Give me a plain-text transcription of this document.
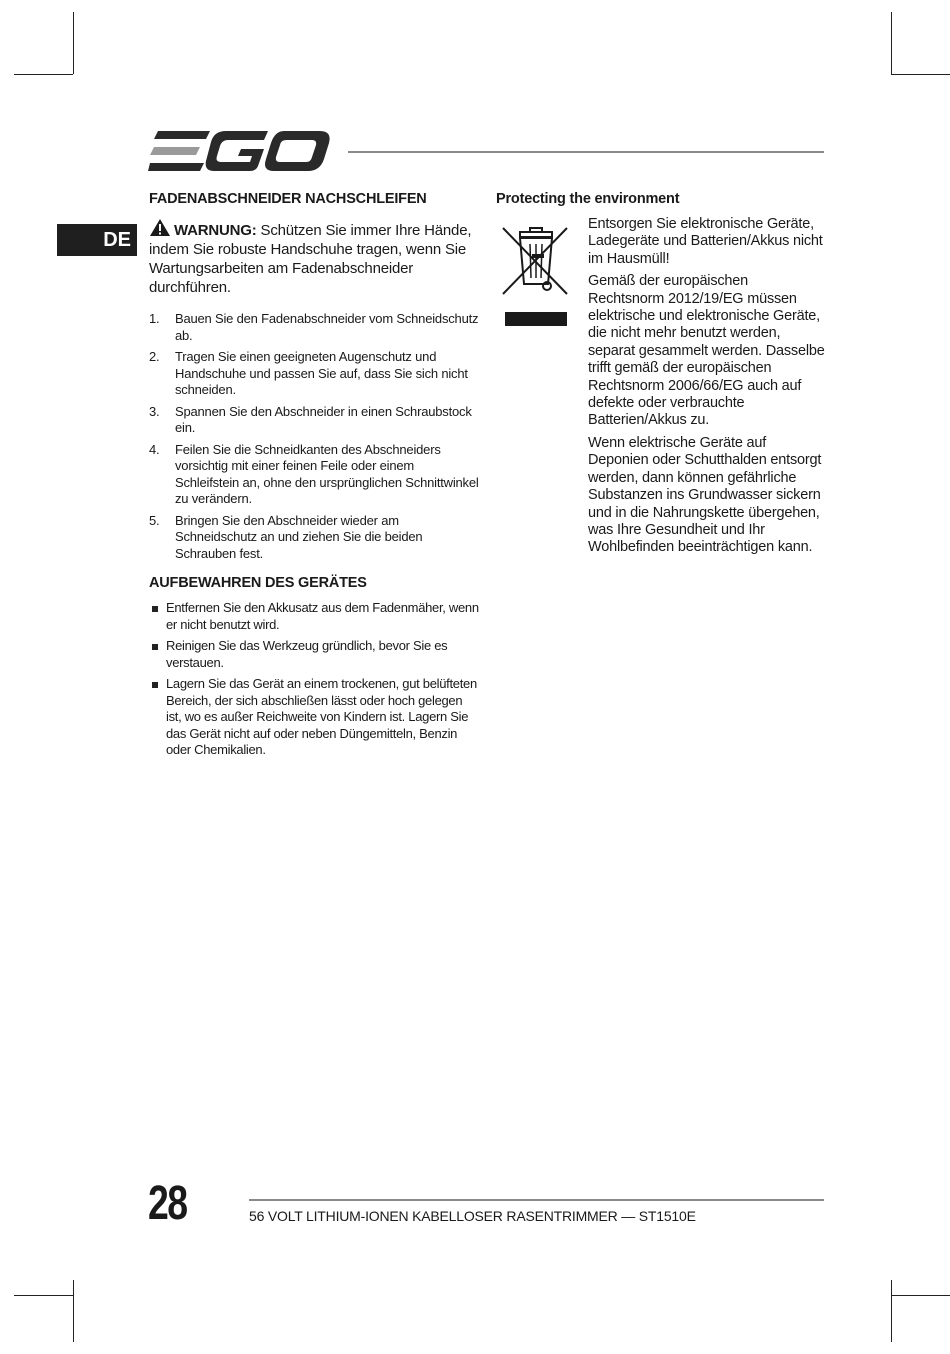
DE
FADENABSCHNEIDER NACHSCHLEIFEN
WARNUNG: Schützen Sie immer Ihre Hände, indem Sie robuste Handschuhe tragen, wenn Sie Wartungsarbeiten am Fadenabschneider durchführen.
1. Bauen Sie den Fadenabschneider vom Schneidschutz ab.
2. Tragen Sie einen geeigneten Augenschutz und Handschuhe und passen Sie auf, dass Sie sich nicht schneiden.
3. Spannen Sie den Abschneider in einen Schraubstock ein.
4. Feilen Sie die Schneidkanten des Abschneiders vorsichtig mit einer feinen Feile oder einem Schleifstein an, ohne den ursprünglichen Schnittwinkel zu verändern.
5. Bringen Sie den Abschneider wieder am Schneidschutz an und ziehen Sie die beiden Schrauben fest.
AUFBEWAHREN DES GERÄTES
Entfernen Sie den Akkusatz aus dem Fadenmäher, wenn er nicht benutzt wird.
Reinigen Sie das Werkzeug gründlich, bevor Sie es verstauen.
Lagern Sie das Gerät an einem trockenen, gut belüfteten Bereich, der sich abschließen lässt oder hoch gelegen ist, wo es außer Reichweite von Kindern ist. Lagern Sie das Gerät nicht auf oder neben Düngemitteln, Benzin oder Chemikalien.
Protecting the environment

Entsorgen Sie elektronische Geräte, Ladegeräte und Batterien/Akkus nicht im Hausmüll!

Gemäß der europäischen Rechtsnorm 2012/19/EG müssen elektrische und elektronische Geräte, die nicht mehr benutzt werden, separat gesammelt werden. Dasselbe trifft gemäß der europäischen Rechtsnorm 2006/66/EG auch auf defekte oder verbrauchte Batterien/Akkus zu.

Wenn elektrische Geräte auf Deponien oder Schutthalden entsorgt werden, dann können gefährliche Substanzen ins Grundwasser sickern und in die Nahrungskette übergehen, was Ihre Gesundheit und Ihr Wohlbefinden beeinträchtigen kann.

28	56 VOLT LITHIUM-IONEN KABELLOSER RASENTRIMMER — ST1510E
